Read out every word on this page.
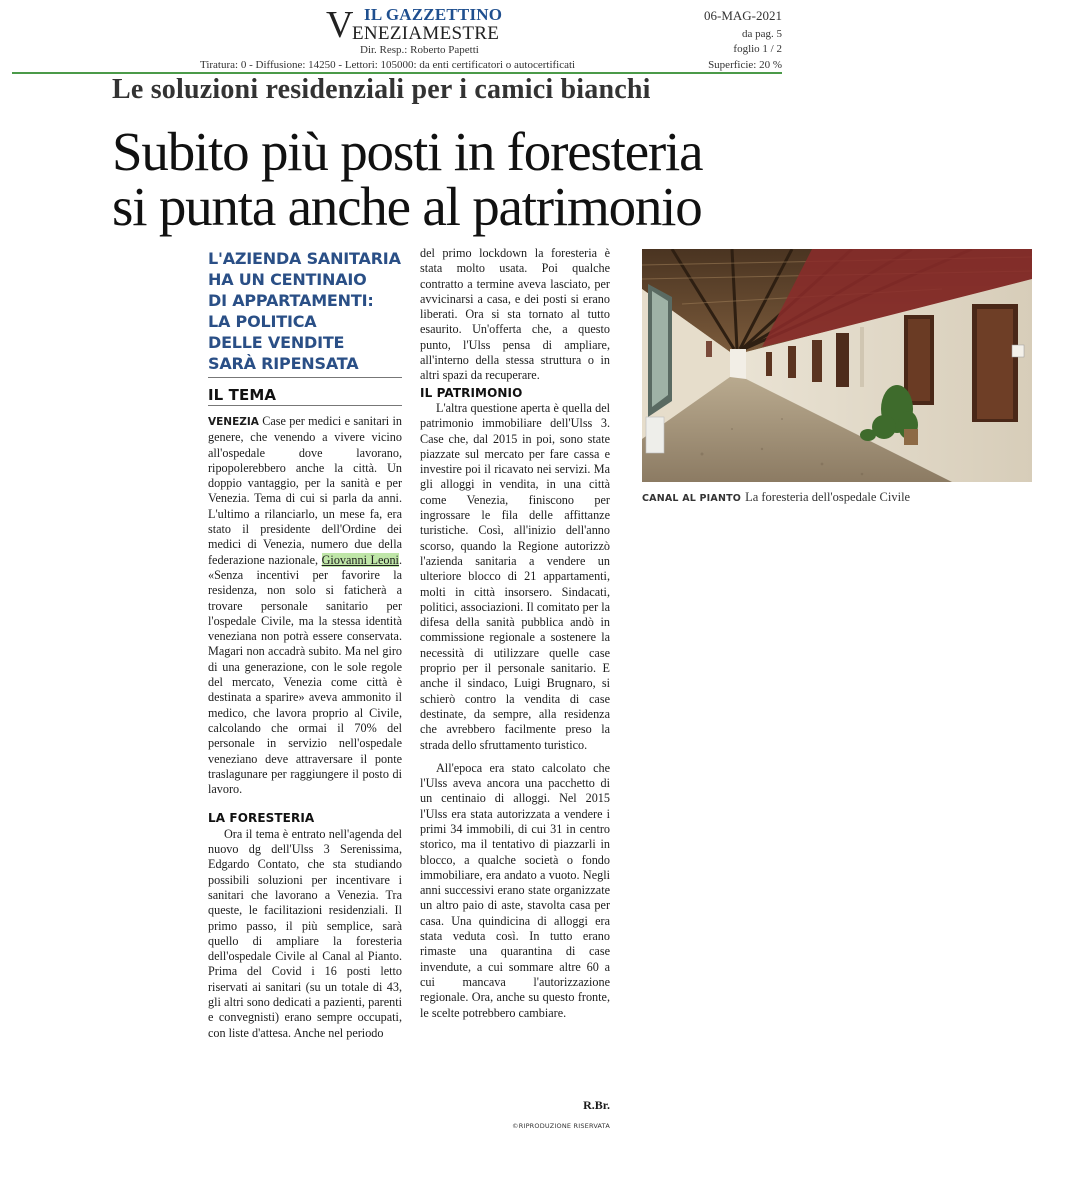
V IL GAZZETTINO
ENEZIAMESTRE
Dir. Resp.: Roberto Papetti
06-MAG-2021
da pag. 5
foglio 1 / 2
Tiratura: 0 - Diffusione: 14250 - Lettori: 105000: da enti certificatori o autocertificati	Superficie: 20 %
Le soluzioni residenziali per i camici bianchi
Subito più posti in foresteria
si punta anche al patrimonio
L'AZIENDA SANITARIA
HA UN CENTINAIO
DI APPARTAMENTI:
LA POLITICA
DELLE VENDITE
SARÀ RIPENSATA
IL TEMA

VENEZIA Case per medici e sanitari in genere, che venendo a vivere vicino all'ospedale dove lavorano, ripopolerebbero anche la città. Un doppio vantaggio, per la sanità e per Venezia. Tema di cui si parla da anni. L'ultimo a rilanciarlo, un mese fa, era stato il presidente dell'Ordine dei medici di Venezia, numero due della federazione nazionale, Giovanni Leoni. «Senza incentivi per favorire la residenza, non solo si faticherà a trovare personale sanitario per l'ospedale Civile, ma la stessa identità veneziana non potrà essere conservata. Magari non accadrà subito. Ma nel giro di una generazione, con le sole regole del mercato, Venezia come città è destinata a sparire» aveva ammonito il medico, che lavora proprio al Civile, calcolando che ormai il 70% del personale in servizio nell'ospedale veneziano deve attraversare il ponte traslagunare per raggiungere il posto di lavoro.

LA FORESTERIA

Ora il tema è entrato nell'agenda del nuovo dg dell'Ulss 3 Serenissima, Edgardo Contato, che sta studiando possibili soluzioni per incentivare i sanitari che lavorano a Venezia. Tra queste, le facilitazioni residenziali. Il primo passo, il più semplice, sarà quello di ampliare la foresteria dell'ospedale Civile al Canal al Pianto. Prima del Covid i 16 posti letto riservati ai sanitari (su un totale di 43, gli altri sono dedicati a pazienti, parenti e convegnisti) erano sempre occupati, con liste d'attesa. Anche nel periodo

del primo lockdown la foresteria è stata molto usata. Poi qualche contratto a termine aveva lasciato, per avvicinarsi a casa, e dei posti si erano liberati. Ora si sta tornato al tutto esaurito. Un'offerta che, a questo punto, l'Ulss pensa di ampliare, all'interno della stessa struttura o in altri spazi da recuperare.

IL PATRIMONIO

L'altra questione aperta è quella del patrimonio immobiliare dell'Ulss 3. Case che, dal 2015 in poi, sono state piazzate sul mercato per fare cassa e investire poi il ricavato nei servizi. Ma gli alloggi in vendita, in una città come Venezia, finiscono per ingrossare le fila delle affittanze turistiche. Così, all'inizio dell'anno scorso, quando la Regione autorizzò l'azienda sanitaria a vendere un ulteriore blocco di 21 appartamenti, molti in città insorsero. Sindacati, politici, associazioni. Il comitato per la difesa della sanità pubblica andò in commissione regionale a sostenere la necessità di utilizzare quelle case proprio per il personale sanitario. E anche il sindaco, Luigi Brugnaro, si schierò contro la vendita di case destinate, da sempre, alla residenza che avrebbero facilmente preso la strada dello sfruttamento turistico.

All'epoca era stato calcolato che l'Ulss aveva ancora una pacchetto di un centinaio di alloggi. Nel 2015 l'Ulss era stata autorizzata a vendere i primi 34 immobili, di cui 31 in centro storico, ma il tentativo di piazzarli in blocco, a qualche società o fondo immobiliare, era andato a vuoto. Negli anni successivi erano state organizzate un altro paio di aste, stavolta casa per casa. Una quindicina di alloggi era stata veduta così. In tutto erano rimaste una quarantina di case invendute, a cui sommare altre 60 a cui mancava l'autorizzazione regionale. Ora, anche su questo fronte, le scelte potrebbero cambiare.

R.Br.
©RIPRODUZIONE RISERVATA
CANAL AL PIANTO La foresteria dell'ospedale Civile
